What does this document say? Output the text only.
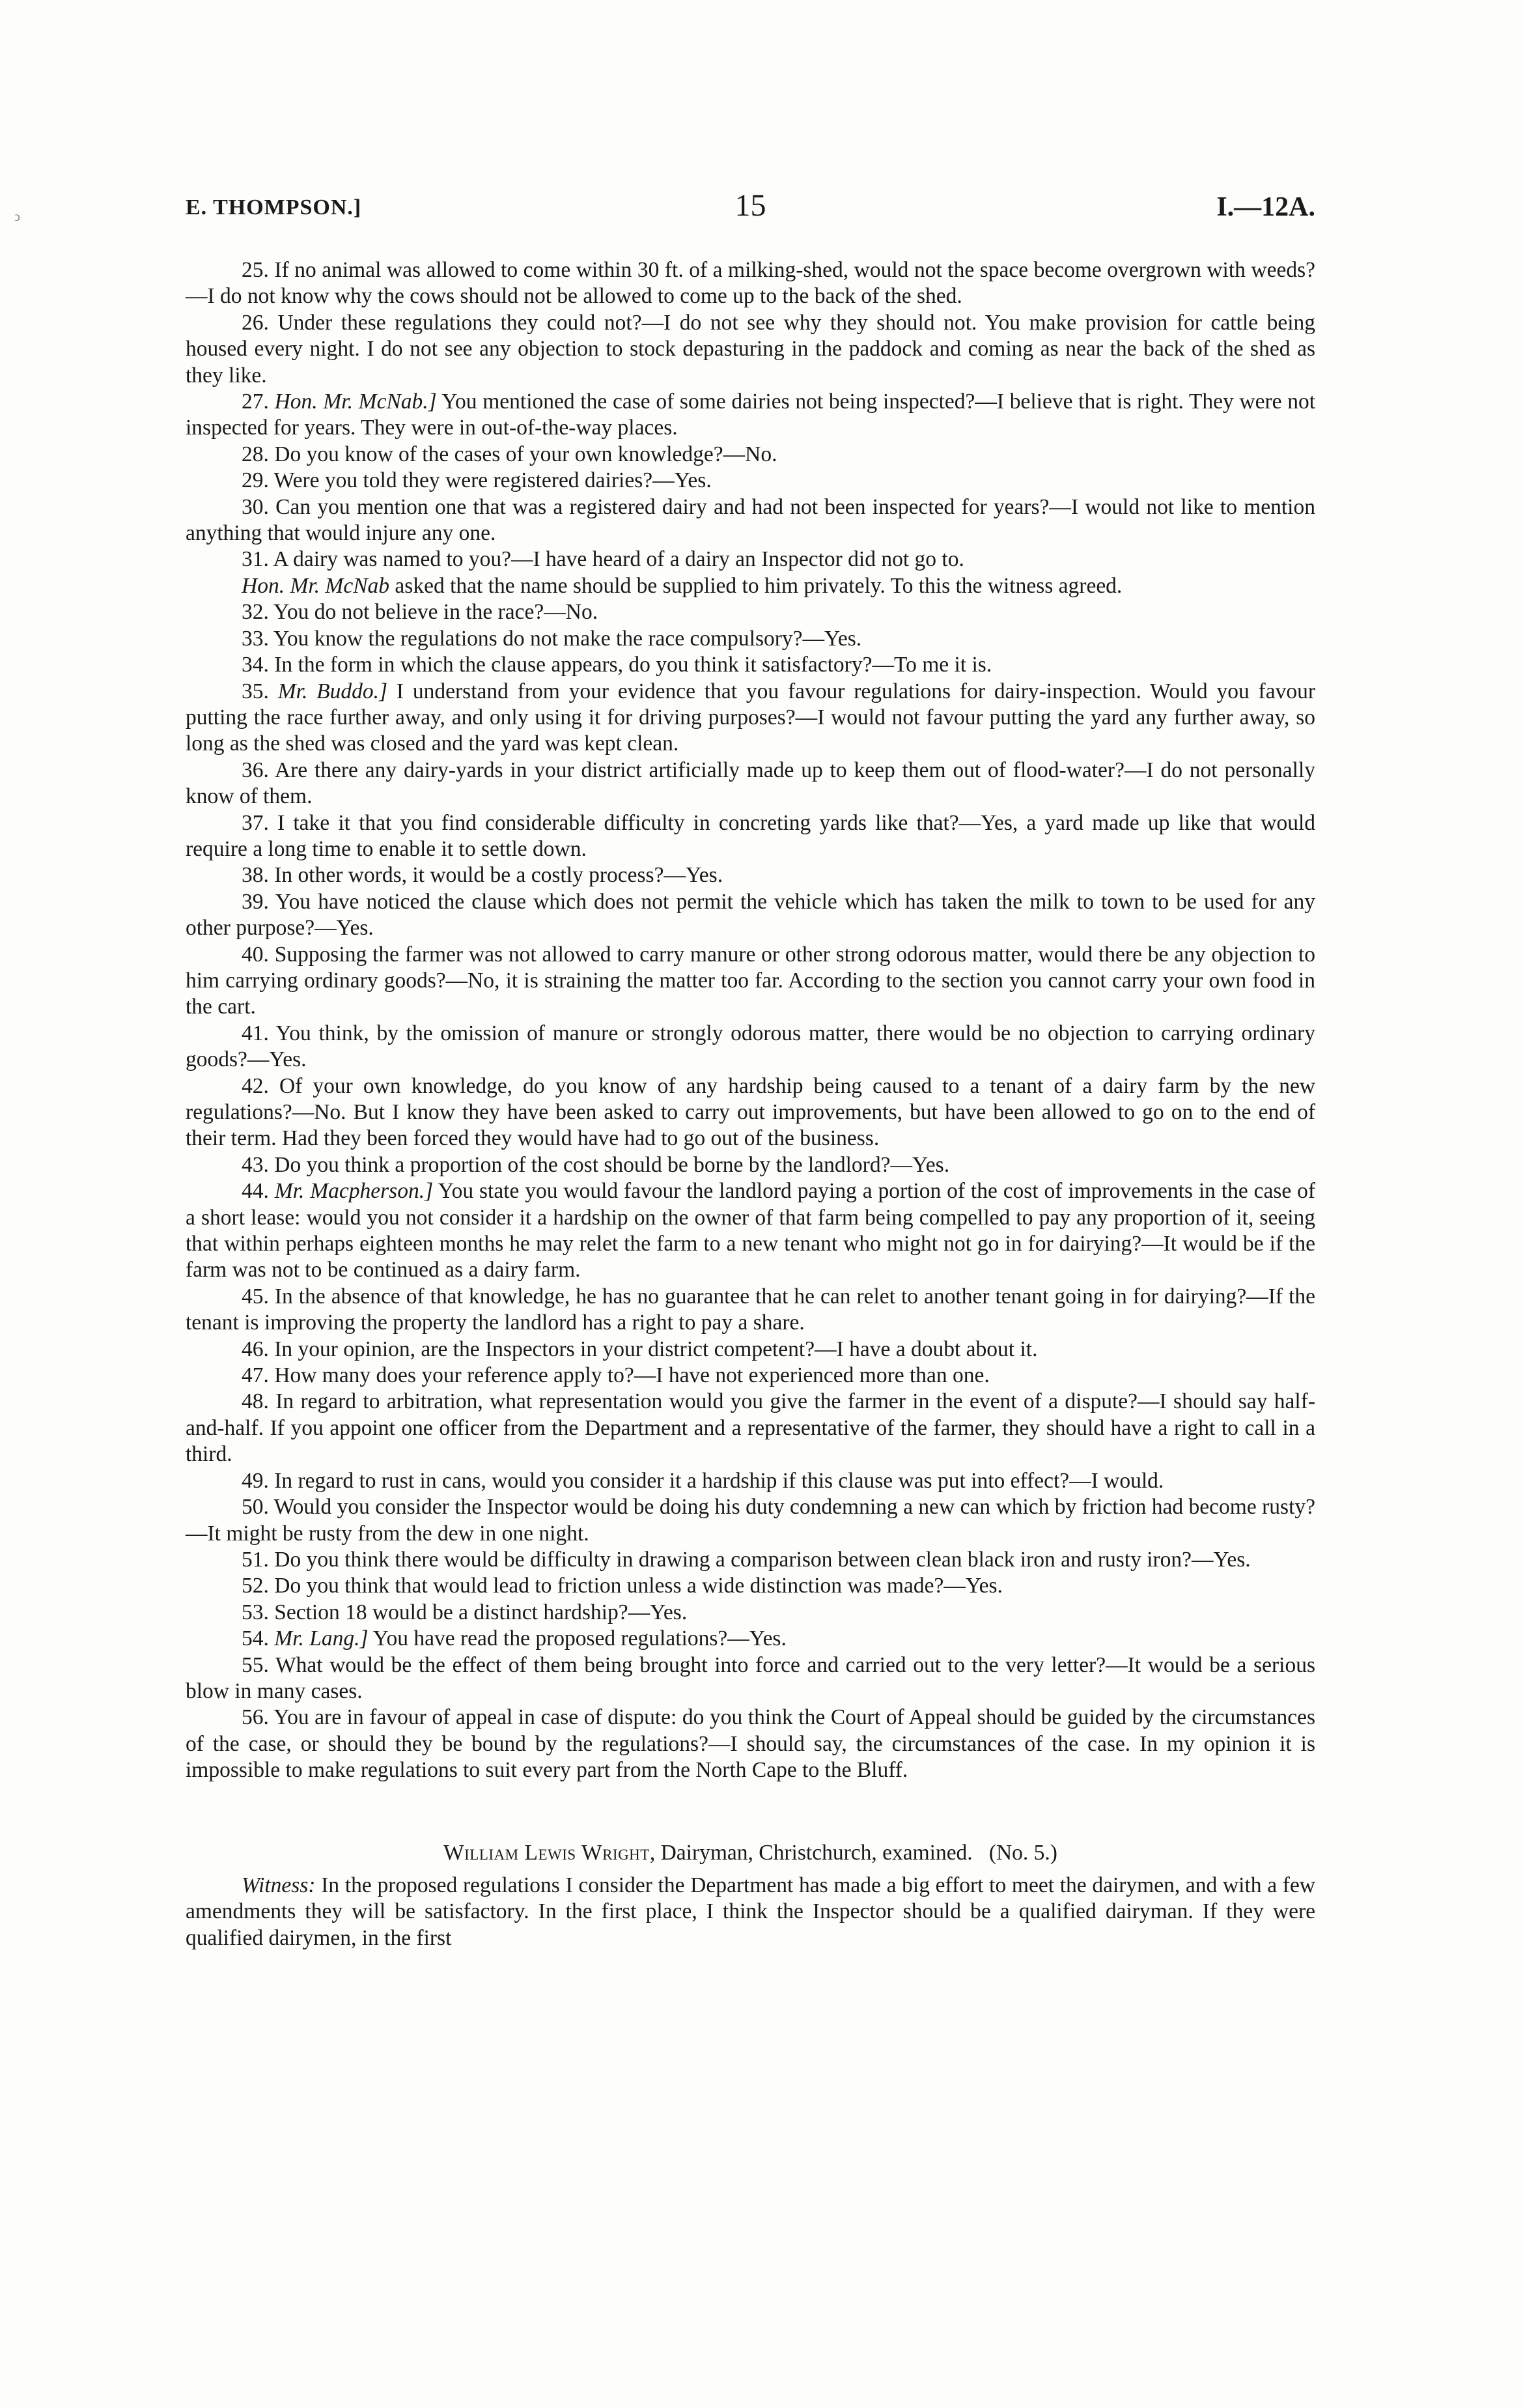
ↄ	E. THOMPSON.]	15	I.—12A.

25. If no animal was allowed to come within 30 ft. of a milking-shed, would not the space become overgrown with weeds?—I do not know why the cows should not be allowed to come up to the back of the shed.

26. Under these regulations they could not?—I do not see why they should not. You make provision for cattle being housed every night. I do not see any objection to stock depasturing in the paddock and coming as near the back of the shed as they like.

27. Hon. Mr. McNab.] You mentioned the case of some dairies not being inspected?—I believe that is right. They were not inspected for years. They were in out-of-the-way places.

28. Do you know of the cases of your own knowledge?—No.

29. Were you told they were registered dairies?—Yes.

30. Can you mention one that was a registered dairy and had not been inspected for years?—I would not like to mention anything that would injure any one.

31. A dairy was named to you?—I have heard of a dairy an Inspector did not go to.

Hon. Mr. McNab asked that the name should be supplied to him privately. To this the witness agreed.

32. You do not believe in the race?—No.

33. You know the regulations do not make the race compulsory?—Yes.

34. In the form in which the clause appears, do you think it satisfactory?—To me it is.

35. Mr. Buddo.] I understand from your evidence that you favour regulations for dairy-inspection. Would you favour putting the race further away, and only using it for driving purposes?—I would not favour putting the yard any further away, so long as the shed was closed and the yard was kept clean.

36. Are there any dairy-yards in your district artificially made up to keep them out of flood-water?—I do not personally know of them.

37. I take it that you find considerable difficulty in concreting yards like that?—Yes, a yard made up like that would require a long time to enable it to settle down.

38. In other words, it would be a costly process?—Yes.

39. You have noticed the clause which does not permit the vehicle which has taken the milk to town to be used for any other purpose?—Yes.

40. Supposing the farmer was not allowed to carry manure or other strong odorous matter, would there be any objection to him carrying ordinary goods?—No, it is straining the matter too far. According to the section you cannot carry your own food in the cart.

41. You think, by the omission of manure or strongly odorous matter, there would be no objection to carrying ordinary goods?—Yes.

42. Of your own knowledge, do you know of any hardship being caused to a tenant of a dairy farm by the new regulations?—No. But I know they have been asked to carry out improvements, but have been allowed to go on to the end of their term. Had they been forced they would have had to go out of the business.

43. Do you think a proportion of the cost should be borne by the landlord?—Yes.

44. Mr. Macpherson.] You state you would favour the landlord paying a portion of the cost of improvements in the case of a short lease: would you not consider it a hardship on the owner of that farm being compelled to pay any proportion of it, seeing that within perhaps eighteen months he may relet the farm to a new tenant who might not go in for dairying?—It would be if the farm was not to be continued as a dairy farm.

45. In the absence of that knowledge, he has no guarantee that he can relet to another tenant going in for dairying?—If the tenant is improving the property the landlord has a right to pay a share.

46. In your opinion, are the Inspectors in your district competent?—I have a doubt about it.

47. How many does your reference apply to?—I have not experienced more than one.

48. In regard to arbitration, what representation would you give the farmer in the event of a dispute?—I should say half-and-half. If you appoint one officer from the Department and a representative of the farmer, they should have a right to call in a third.

49. In regard to rust in cans, would you consider it a hardship if this clause was put into effect?—I would.

50. Would you consider the Inspector would be doing his duty condemning a new can which by friction had become rusty?—It might be rusty from the dew in one night.

51. Do you think there would be difficulty in drawing a comparison between clean black iron and rusty iron?—Yes.

52. Do you think that would lead to friction unless a wide distinction was made?—Yes.

53. Section 18 would be a distinct hardship?—Yes.

54. Mr. Lang.] You have read the proposed regulations?—Yes.

55. What would be the effect of them being brought into force and carried out to the very letter?—It would be a serious blow in many cases.

56. You are in favour of appeal in case of dispute: do you think the Court of Appeal should be guided by the circumstances of the case, or should they be bound by the regulations?—I should say, the circumstances of the case. In my opinion it is impossible to make regulations to suit every part from the North Cape to the Bluff.

William Lewis Wright, Dairyman, Christchurch, examined. (No. 5.)

Witness: In the proposed regulations I consider the Department has made a big effort to meet the dairymen, and with a few amendments they will be satisfactory. In the first place, I think the Inspector should be a qualified dairyman. If they were qualified dairymen, in the first
